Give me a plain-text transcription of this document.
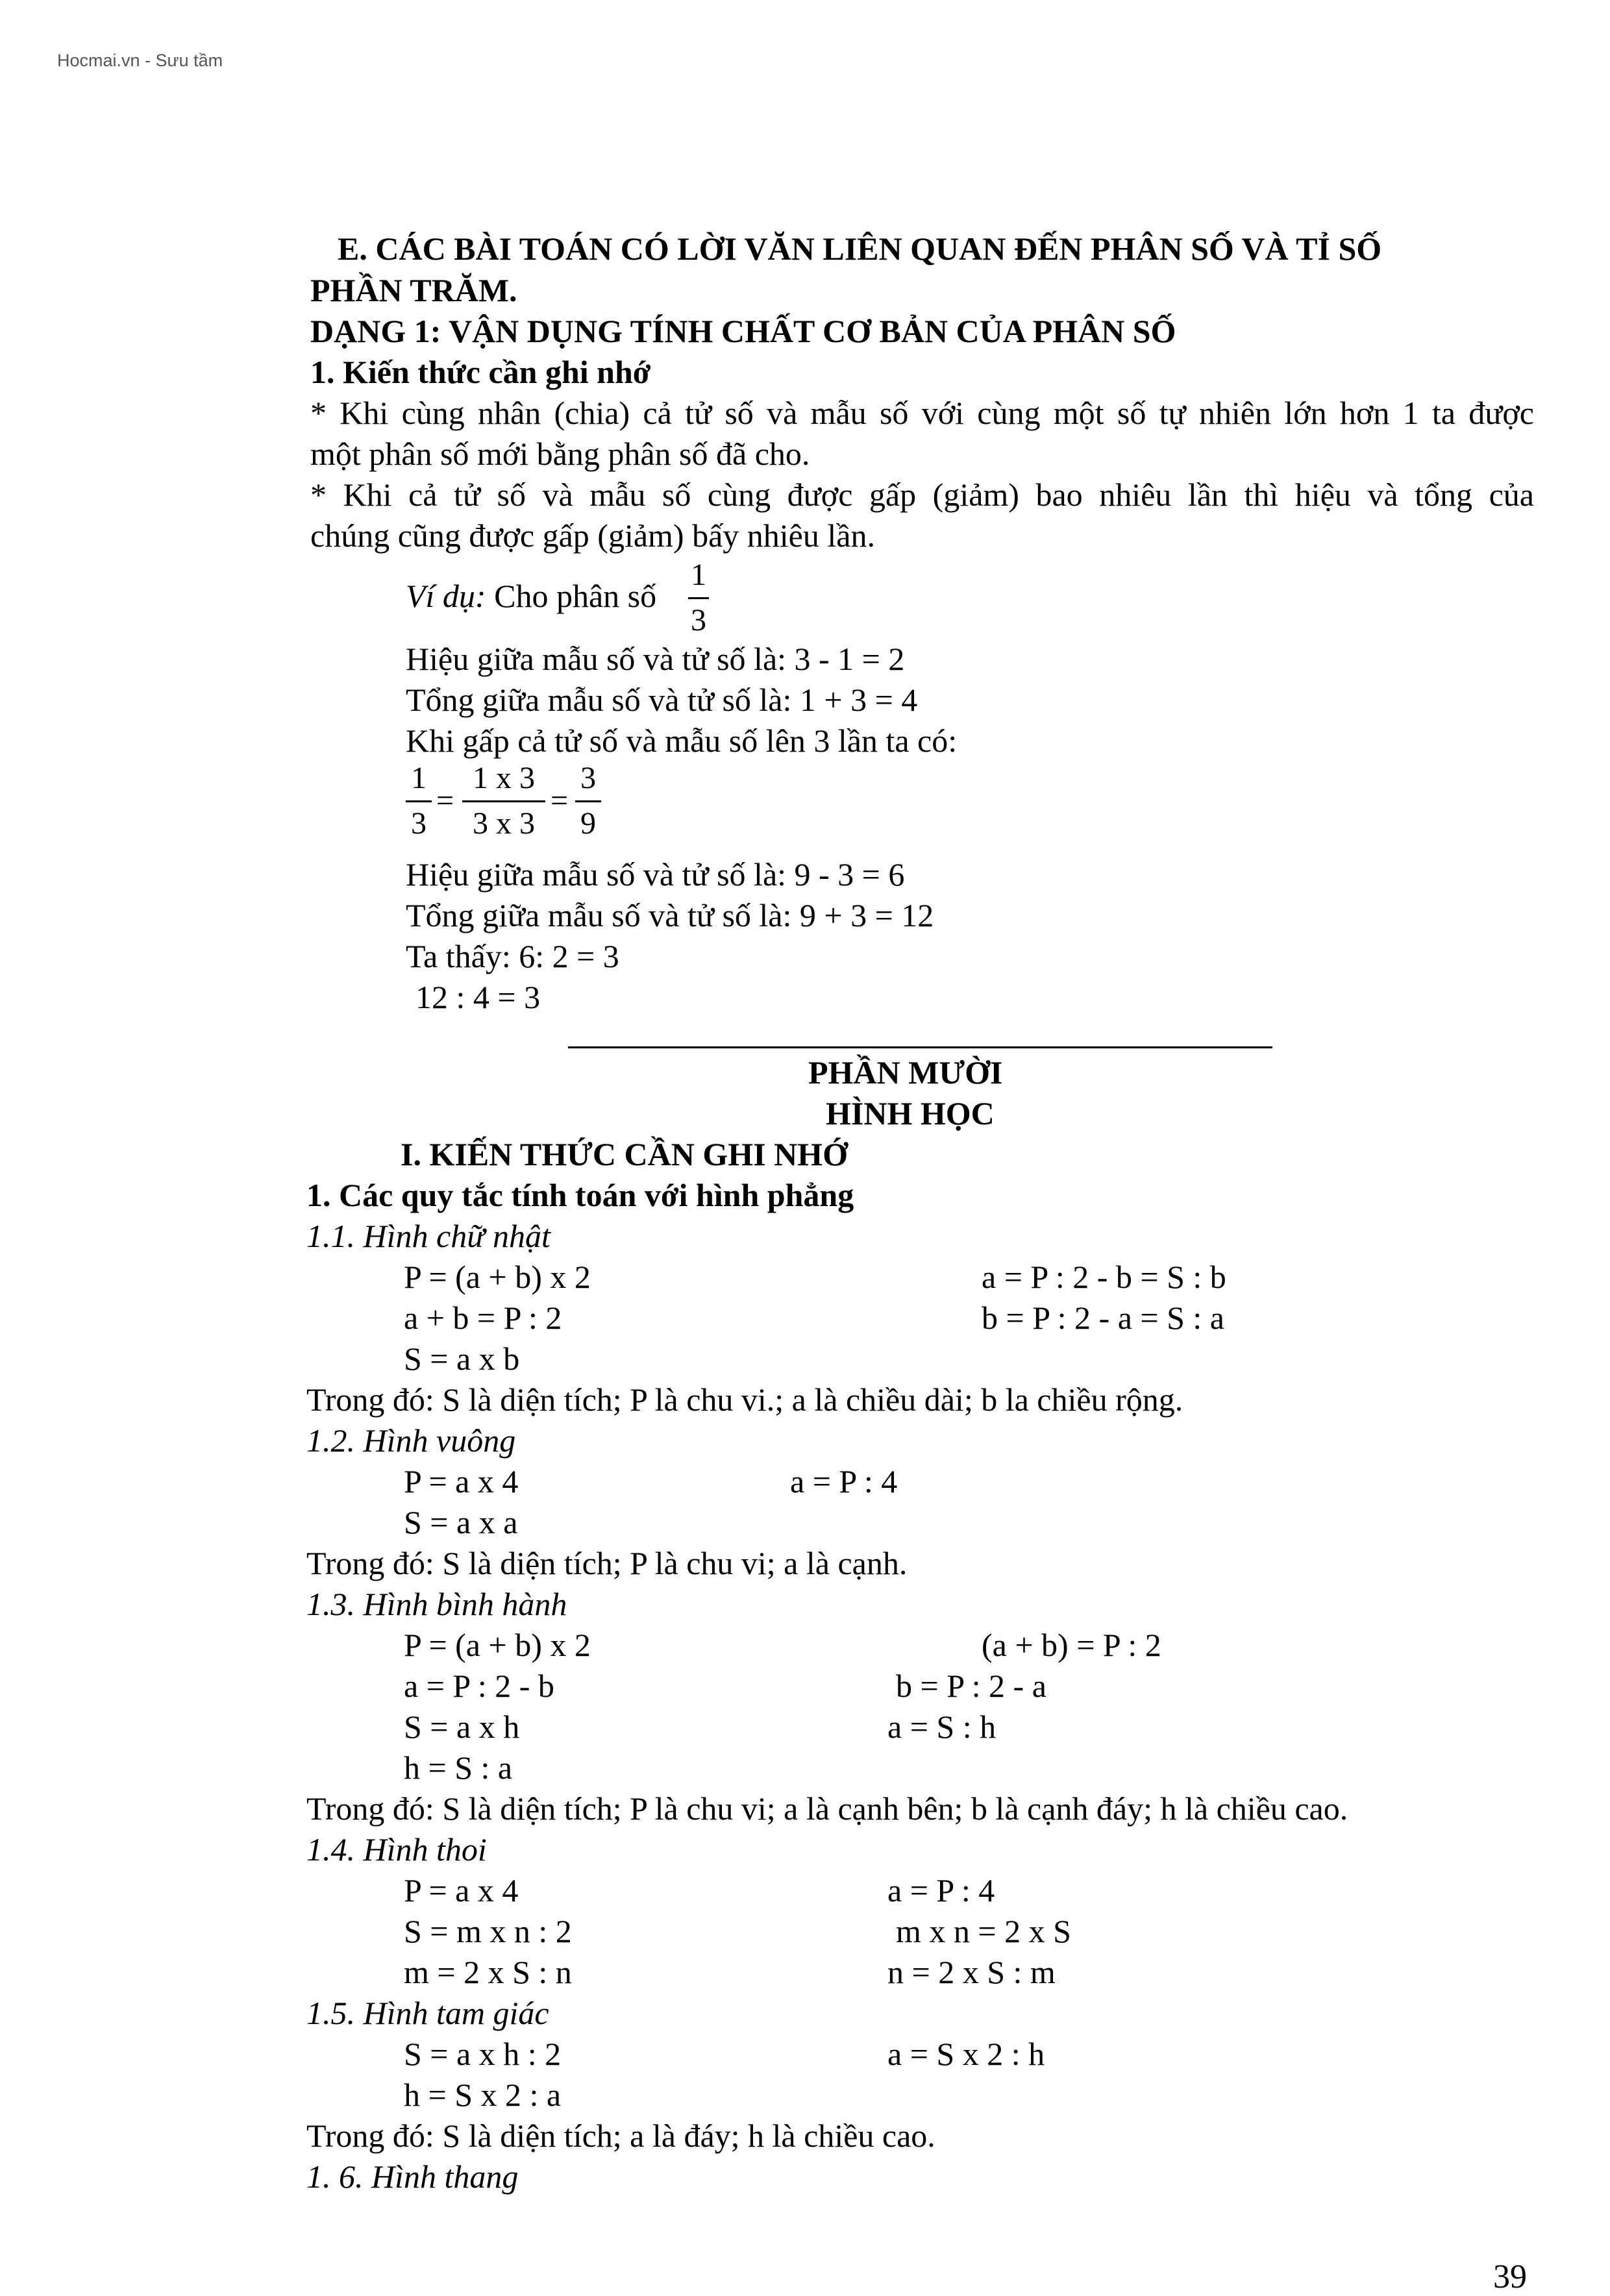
Hocmai.vn - Sưu tầm
E. CÁC BÀI TOÁN CÓ LỜI VĂN LIÊN QUAN ĐẾN PHÂN SỐ VÀ TỈ SỐ
PHẦN TRĂM.
DẠNG 1: VẬN DỤNG TÍNH CHẤT CƠ BẢN CỦA PHÂN SỐ
1. Kiến thức cần ghi nhớ
* Khi cùng nhân (chia) cả tử số và mẫu số với cùng một số tự nhiên lớn hơn 1 ta được
một phân số mới bằng phân số đã cho.
* Khi cả tử số và mẫu số cùng được gấp (giảm) bao nhiêu lần thì hiệu và tổng của
chúng cũng được gấp (giảm) bấy nhiêu lần.
Ví dụ: Cho phân số
1
3
Hiệu giữa mẫu số và tử số là: 3 - 1 = 2
Tổng giữa mẫu số và tử số là: 1 + 3 = 4
Khi gấp cả tử số và mẫu số lên 3 lần ta có:
1
3
=
1 x 3
3 x 3
=
3
9
Hiệu giữa mẫu số và tử số là: 9 - 3 = 6
Tổng giữa mẫu số và tử số là: 9 + 3 = 12
Ta thấy: 6: 2 = 3
12 : 4 = 3
PHẦN MƯỜI
HÌNH HỌC
I. KIẾN THỨC CẦN GHI NHỚ
1. Các quy tắc tính toán với hình phẳng
1.1. Hình chữ nhật
P = (a + b) x 2	a = P : 2 - b = S : b
a + b = P : 2	b = P : 2 - a = S : a
S = a x b
Trong đó: S là diện tích; P là chu vi.; a là chiều dài; b la chiều rộng.
1.2. Hình vuông
P = a x 4	a = P : 4
S = a x a
Trong đó: S là diện tích; P là chu vi; a là cạnh.
1.3. Hình bình hành
P = (a + b) x 2	(a + b) = P : 2
a = P : 2 - b	b = P : 2 - a
S = a x h	a = S : h
h = S : a
Trong đó: S là diện tích; P là chu vi; a là cạnh bên; b là cạnh đáy; h là chiều cao.
1.4. Hình thoi
P = a x 4	a = P : 4
S = m x n : 2	m x n = 2 x S
m = 2 x S : n	n = 2 x S : m
1.5. Hình tam giác
S = a x h : 2	a = S x 2 : h
h = S x 2 : a
Trong đó: S là diện tích; a là đáy; h là chiều cao.
1. 6. Hình thang
39
